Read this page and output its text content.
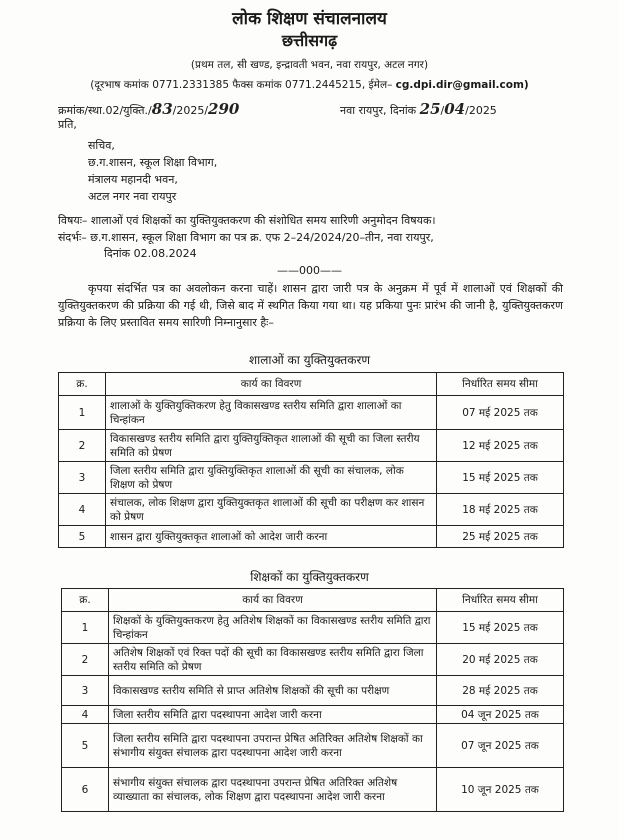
लोक शिक्षण संचालनालय
छत्तीसगढ़
(प्रथम तल, सी खण्ड, इन्द्रावती भवन, नवा रायपुर, अटल नगर)
(दूरभाष कमांक 0771.2331385 फैक्स कमांक 0771.2445215, ईमेल– cg.dpi.dir@gmail.com)
क्रमांक/स्था.02/युक्ति./83/2025/290	नवा रायपुर, दिनांक 25/04/2025
प्रति,
सचिव,
छ.ग.शासन, स्कूल शिक्षा विभाग,
मंत्रालय महानदी भवन,
अटल नगर नवा रायपुर
विषयः– शालाओं एवं शिक्षकों का युक्तियुक्तकरण की संशोधित समय सारिणी अनुमोदन विषयक।
संदर्भः– छ.ग.शासन, स्कूल शिक्षा विभाग का पत्र क्र. एफ 2–24/2024/20–तीन, नवा रायपुर,
दिनांक 02.08.2024
——000——
कृपया संदर्भित पत्र का अवलोकन करना चाहें। शासन द्वारा जारी पत्र के अनुक्रम में पूर्व में शालाओं एवं शिक्षकों की युक्तियुक्तकरण की प्रक्रिया की गई थी, जिसे बाद में स्थगित किया गया था। यह प्रकिया पुनः प्रारंभ की जानी है, युक्तियुक्तकरण प्रक्रिया के लिए प्रस्तावित समय सारिणी निम्नानुसार हैः–
शालाओं का युक्तियुक्तकरण
क्र.	कार्य का विवरण	निर्धारित समय सीमा
1	शालाओं के युक्तियुक्तिकरण हेतु विकासखण्ड स्तरीय समिति द्वारा शालाओं का चिन्हांकन	07 मई 2025 तक
2	विकासखण्ड स्तरीय समिति द्वारा युक्तियुक्तिकृत शालाओं की सूची का जिला स्तरीय समिति को प्रेषण	12 मई 2025 तक
3	जिला स्तरीय समिति द्वारा युक्तियुक्तिकृत शालाओं की सूची का संचालक, लोक शिक्षण को प्रेषण	15 मई 2025 तक
4	संचालक, लोक शिक्षण द्वारा युक्तियुक्तकृत शालाओं की सूची का परीक्षण कर शासन को प्रेषण	18 मई 2025 तक
5	शासन द्वारा युक्तियुक्तकृत शालाओं को आदेश जारी करना	25 मई 2025 तक
शिक्षकों का युक्तियुक्तकरण
क्र.	कार्य का विवरण	निर्धारित समय सीमा
1	शिक्षकों के युक्तियुक्तकरण हेतु अतिशेष शिक्षकों का विकासखण्ड स्तरीय समिति द्वारा चिन्हांकन	15 मई 2025 तक
2	अतिशेष शिक्षकों एवं रिक्त पदों की सूची का विकासखण्ड स्तरीय समिति द्वारा जिला स्तरीय समिति को प्रेषण	20 मई 2025 तक
3	विकासखण्ड स्तरीय समिति से प्राप्त अतिशेष शिक्षकों की सूची का परीक्षण	28 मई 2025 तक
4	जिला स्तरीय समिति द्वारा पदस्थापना आदेश जारी करना	04 जून 2025 तक
5	जिला स्तरीय समिति द्वारा पदस्थापना उपरान्त प्रेषित अतिरिक्त अतिशेष शिक्षकों का संभागीय संयुक्त संचालक द्वारा पदस्थापना आदेश जारी करना	07 जून 2025 तक
6	संभागीय संयुक्त संचालक द्वारा पदस्थापना उपरान्त प्रेषित अतिरिक्त अतिशेष व्याख्याता का संचालक, लोक शिक्षण द्वारा पदस्थापना आदेश जारी करना	10 जून 2025 तक
